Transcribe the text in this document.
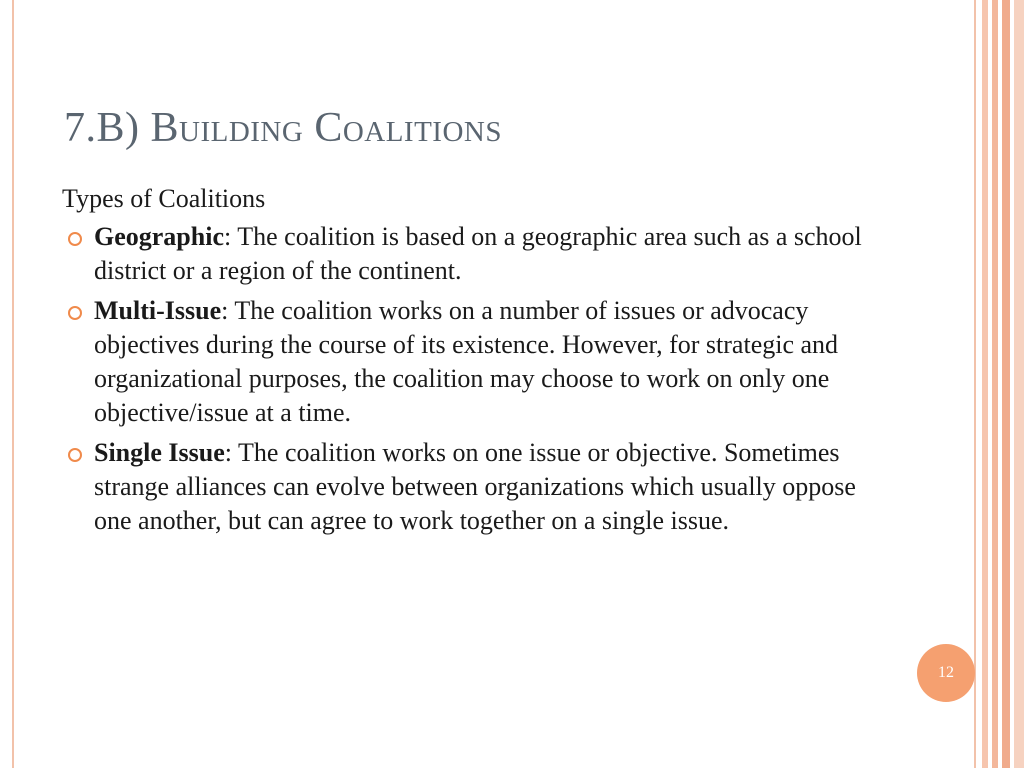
7.B) Building Coalitions

Types of Coalitions

Geographic: The coalition is based on a geographic area such as a school district or a region of the continent.
Multi-Issue: The coalition works on a number of issues or advocacy objectives during the course of its existence. However, for strategic and organizational purposes, the coalition may choose to work on only one objective/issue at a time.
Single Issue: The coalition works on one issue or objective. Sometimes strange alliances can evolve between organizations which usually oppose one another, but can agree to work together on a single issue.
12
